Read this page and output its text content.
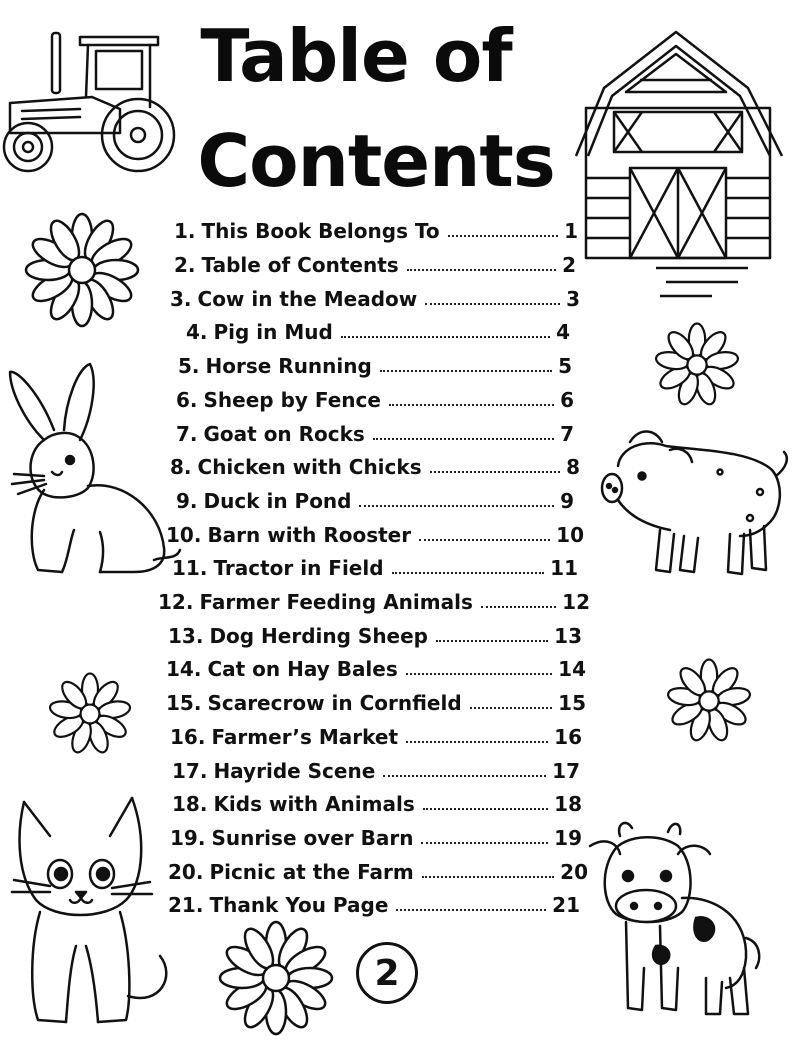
Table of
Contents
1. This Book Belongs To	1
2. Table of Contents	2
3. Cow in the Meadow	3
4. Pig in Mud	4
5. Horse Running	5
6. Sheep by Fence	6
7. Goat on Rocks	7
8. Chicken with Chicks	8
9. Duck in Pond	9
10. Barn with Rooster	10
11. Tractor in Field	11
12. Farmer Feeding Animals	12
13. Dog Herding Sheep	13
14. Cat on Hay Bales	14
15. Scarecrow in Cornfield	15
16. Farmer’s Market	16
17. Hayride Scene	17
18. Kids with Animals	18
19. Sunrise over Barn	19
20. Picnic at the Farm	20
21. Thank You Page	21
2
